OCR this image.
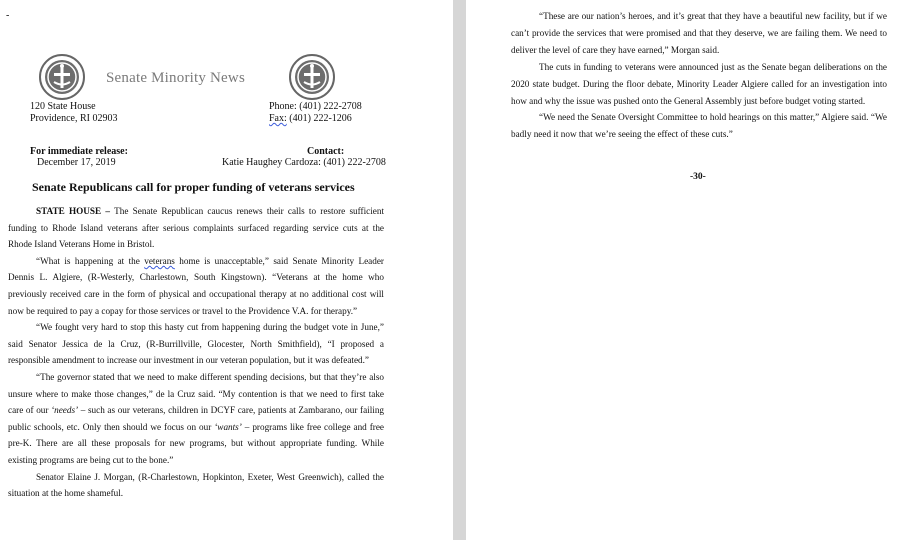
-
Senate Minority News
120 State House
Providence, RI 02903
Phone: (401) 222-2708
Fax: (401) 222-1206
For immediate release:
December 17, 2019
Contact:
Katie Haughey Cardoza: (401) 222-2708
Senate Republicans call for proper funding of veterans services

STATE HOUSE – The Senate Republican caucus renews their calls to restore sufficient funding to Rhode Island veterans after serious complaints surfaced regarding service cuts at the Rhode Island Veterans Home in Bristol.

“What is happening at the veterans home is unacceptable,” said Senate Minority Leader Dennis L. Algiere, (R-Westerly, Charlestown, South Kingstown). “Veterans at the home who previously received care in the form of physical and occupational therapy at no additional cost will now be required to pay a copay for those services or travel to the Providence V.A. for therapy.”

“We fought very hard to stop this hasty cut from happening during the budget vote in June,” said Senator Jessica de la Cruz, (R-Burrillville, Glocester, North Smithfield), “I proposed a responsible amendment to increase our investment in our veteran population, but it was defeated.”

“The governor stated that we need to make different spending decisions, but that they’re also unsure where to make those changes,” de la Cruz said. “My contention is that we need to first take care of our ‘needs’ – such as our veterans, children in DCYF care, patients at Zambarano, our failing public schools, etc. Only then should we focus on our ‘wants’ – programs like free college and free pre-K. There are all these proposals for new programs, but without appropriate funding. While existing programs are being cut to the bone.”

Senator Elaine J. Morgan, (R-Charlestown, Hopkinton, Exeter, West Greenwich), called the situation at the home shameful.

“These are our nation’s heroes, and it’s great that they have a beautiful new facility, but if we can’t provide the services that were promised and that they deserve, we are failing them. We need to deliver the level of care they have earned,” Morgan said.

The cuts in funding to veterans were announced just as the Senate began deliberations on the 2020 state budget. During the floor debate, Minority Leader Algiere called for an investigation into how and why the issue was pushed onto the General Assembly just before budget voting started.

“We need the Senate Oversight Committee to hold hearings on this matter,” Algiere said. “We badly need it now that we’re seeing the effect of these cuts.”

-30-
